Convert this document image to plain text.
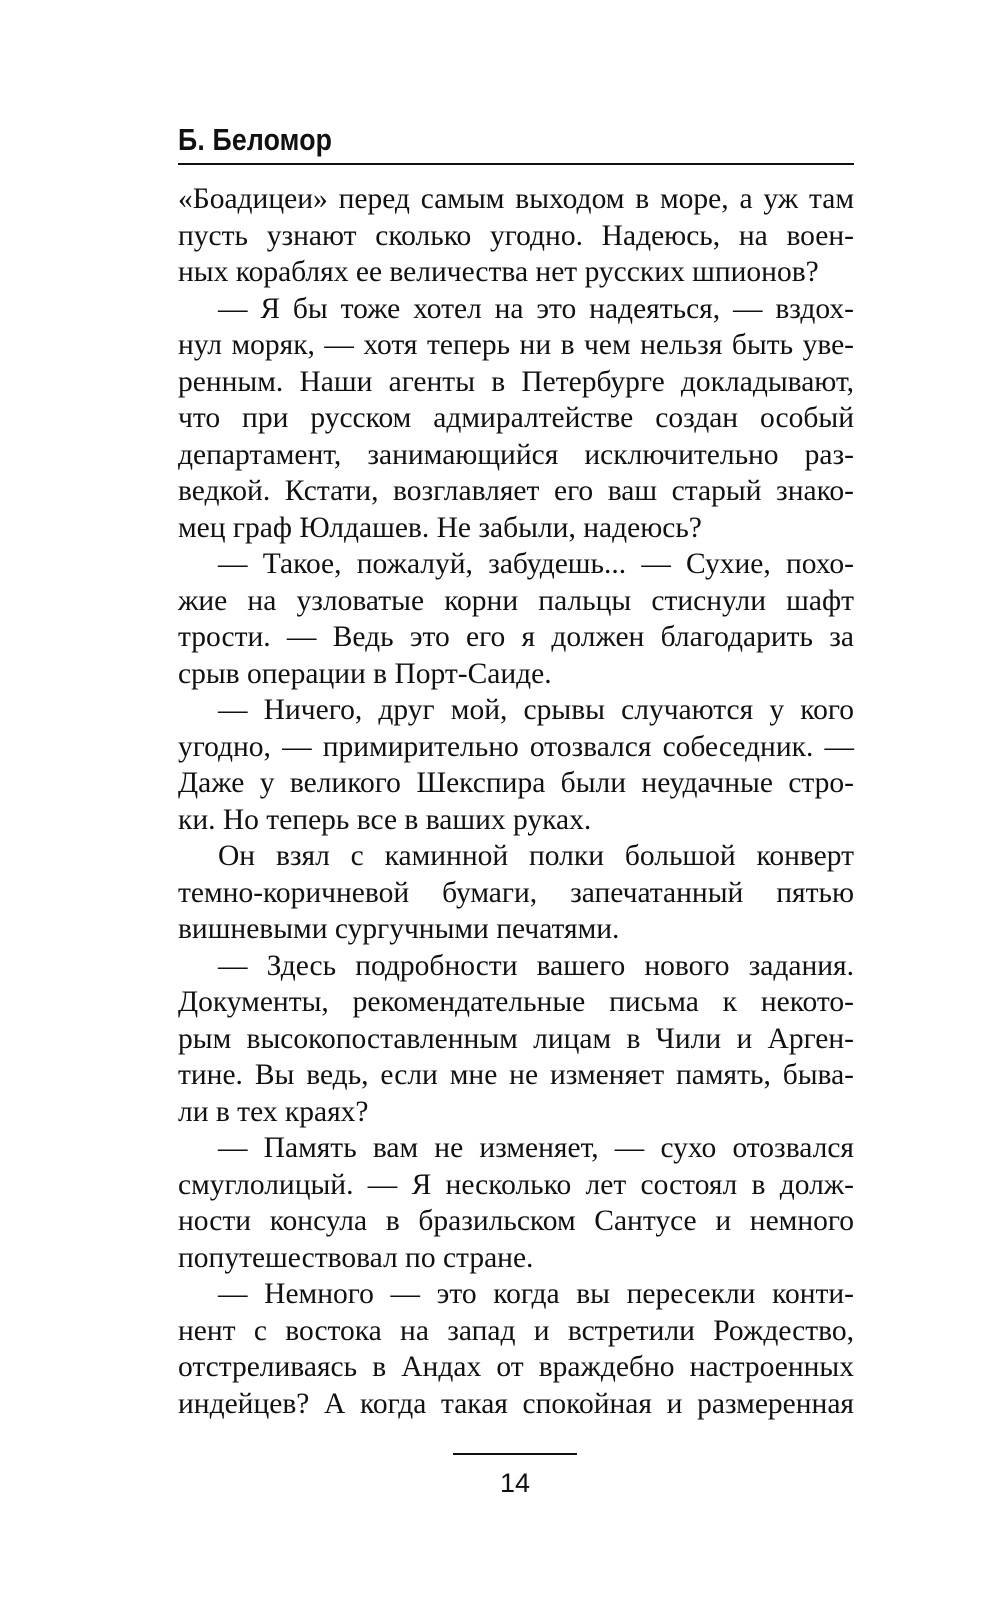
Б. Беломор
«Боадицеи» перед самым выходом в море, а уж там
пусть узнают сколько угодно. Надеюсь, на воен-
ных кораблях ее величества нет русских шпионов?
— Я бы тоже хотел на это надеяться, — вздох-
нул моряк, — хотя теперь ни в чем нельзя быть уве-
ренным. Наши агенты в Петербурге докладывают,
что при русском адмиралтействе создан особый
департамент, занимающийся исключительно раз-
ведкой. Кстати, возглавляет его ваш старый знако-
мец граф Юлдашев. Не забыли, надеюсь?
— Такое, пожалуй, забудешь... — Сухие, похо-
жие на узловатые корни пальцы стиснули шафт
трости. — Ведь это его я должен благодарить за
срыв операции в Порт-Саиде.
— Ничего, друг мой, срывы случаются у кого
угодно, — примирительно отозвался собеседник. —
Даже у великого Шекспира были неудачные стро-
ки. Но теперь все в ваших руках.
Он взял с каминной полки большой конверт
темно-коричневой бумаги, запечатанный пятью
вишневыми сургучными печатями.
— Здесь подробности вашего нового задания.
Документы, рекомендательные письма к некото-
рым высокопоставленным лицам в Чили и Арген-
тине. Вы ведь, если мне не изменяет память, быва-
ли в тех краях?
— Память вам не изменяет, — сухо отозвался
смуглолицый. — Я несколько лет состоял в долж-
ности консула в бразильском Сантусе и немного
попутешествовал по стране.
— Немного — это когда вы пересекли конти-
нент с востока на запад и встретили Рождество,
отстреливаясь в Андах от враждебно настроенных
индейцев? А когда такая спокойная и размеренная
14
